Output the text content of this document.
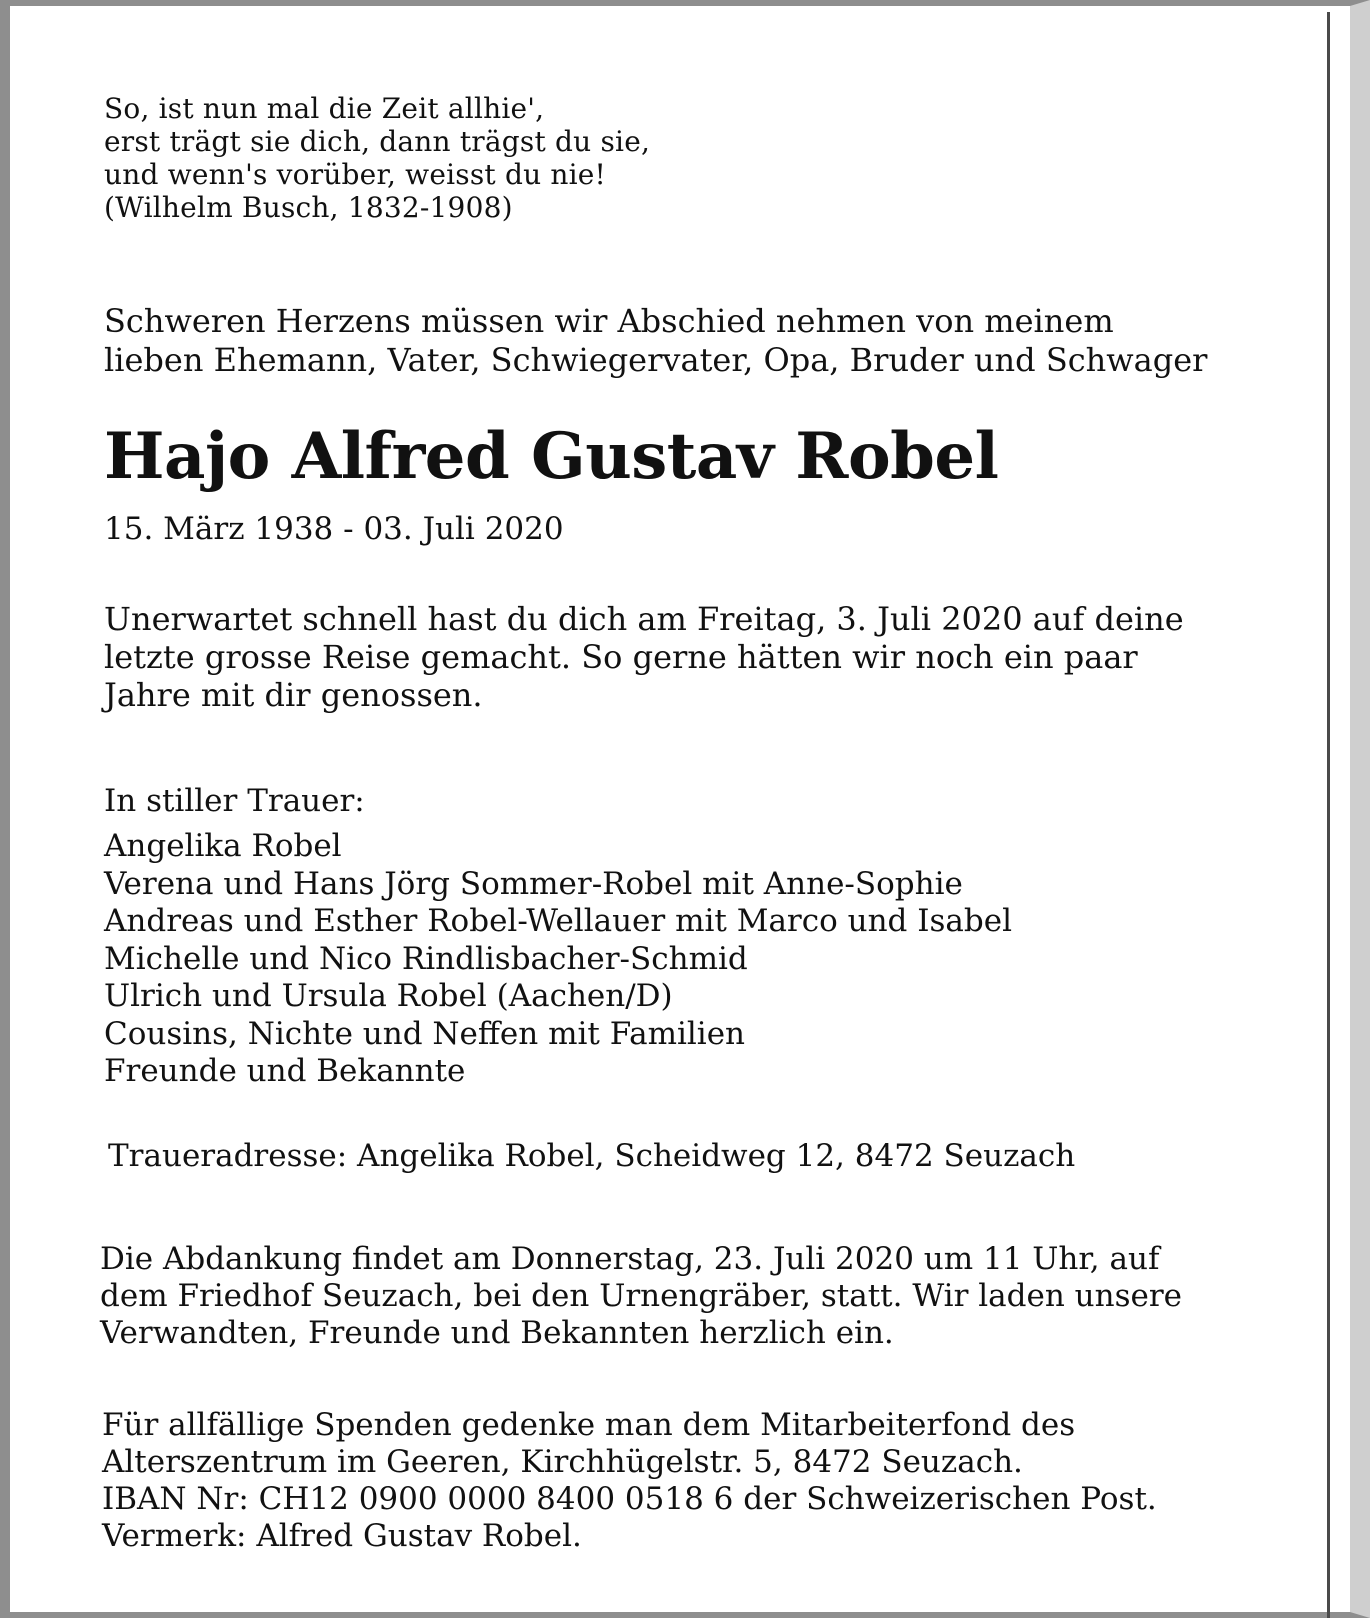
So, ist nun mal die Zeit allhie',
erst trägt sie dich, dann trägst du sie,
und wenn's vorüber, weisst du nie!
(Wilhelm Busch, 1832-1908)

Schweren Herzens müssen wir Abschied nehmen von meinem
lieben Ehemann, Vater, Schwiegervater, Opa, Bruder und Schwager

Hajo Alfred Gustav Robel

15. März 1938 - 03. Juli 2020

Unerwartet schnell hast du dich am Freitag, 3. Juli 2020 auf deine
letzte grosse Reise gemacht. So gerne hätten wir noch ein paar
Jahre mit dir genossen.

In stiller Trauer:

Angelika Robel
Verena und Hans Jörg Sommer-Robel mit Anne-Sophie
Andreas und Esther Robel-Wellauer mit Marco und Isabel
Michelle und Nico Rindlisbacher-Schmid
Ulrich und Ursula Robel (Aachen/D)
Cousins, Nichte und Neffen mit Familien
Freunde und Bekannte

Traueradresse: Angelika Robel, Scheidweg 12, 8472 Seuzach

Die Abdankung findet am Donnerstag, 23. Juli 2020 um 11 Uhr, auf
dem Friedhof Seuzach, bei den Urnengräber, statt. Wir laden unsere
Verwandten, Freunde und Bekannten herzlich ein.

Für allfällige Spenden gedenke man dem Mitarbeiterfond des
Alterszentrum im Geeren, Kirchhügelstr. 5, 8472 Seuzach.
IBAN Nr: CH12 0900 0000 8400 0518 6 der Schweizerischen Post.
Vermerk: Alfred Gustav Robel.
